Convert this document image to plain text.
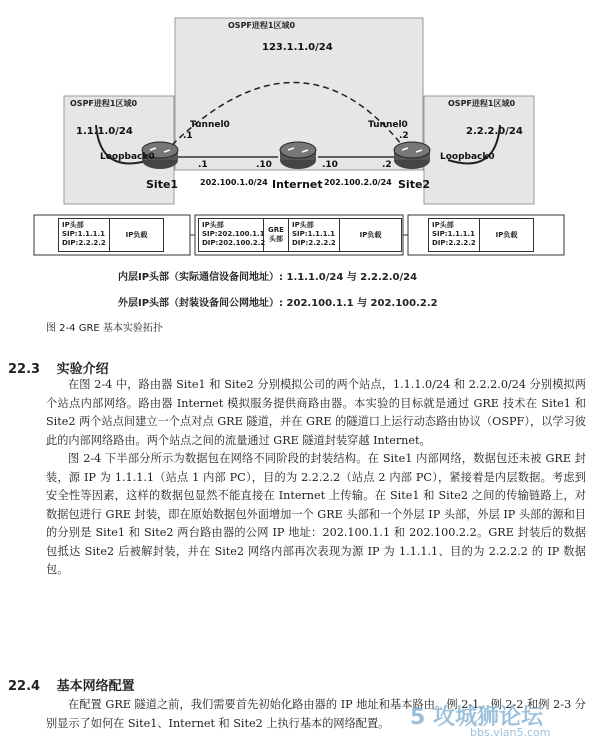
OSPF进程1区域0
OSPF进程1区域0	OSPF进程1区域0
123.1.1.0/24
1.1.1.0/24	2.2.2.0/24
Tunnel0	Tunnel0
.1	.2
Loopback0	Loopback0
Site1	Internet	Site2
.1	.10	.10	.2
202.100.1.0/24	202.100.2.0/24
IP头部
SIP:1.1.1.1
DIP:2.2.2.2
IP负载
IP头部
SIP:202.100.1.1
DIP:202.100.2.2
GRE
头部
IP头部
SIP:1.1.1.1
DIP:2.2.2.2
IP负载
IP头部
SIP:1.1.1.1
DIP:2.2.2.2
IP负载
内层IP头部（实际通信设备间地址）: 1.1.1.0/24 与 2.2.2.0/24
外层IP头部（封装设备间公网地址）: 202.100.1.1 与 202.100.2.2
图 2-4 GRE 基本实验拓扑
22.3 实验介绍

在图 2-4 中，路由器 Site1 和 Site2 分别模拟公司的两个站点，1.1.1.0/24 和 2.2.2.0/24 分别模拟两个站点内部网络。路由器 Internet 模拟服务提供商路由器。本实验的目标就是通过 GRE 技术在 Site1 和 Site2 两个站点间建立一个点对点 GRE 隧道，并在 GRE 的隧道口上运行动态路由协议（OSPF），以学习彼此的内部网络路由。两个站点之间的流量通过 GRE 隧道封装穿越 Internet。

图 2-4 下半部分所示为数据包在网络不同阶段的封装结构。在 Site1 内部网络，数据包还未被 GRE 封装，源 IP 为 1.1.1.1（站点 1 内部 PC），目的为 2.2.2.2（站点 2 内部 PC），紧接着是内层数据。考虑到安全性等因素，这样的数据包显然不能直接在 Internet 上传输。在 Site1 和 Site2 之间的传输链路上，对数据包进行 GRE 封装，即在原始数据包外面增加一个 GRE 头部和一个外层 IP 头部，外层 IP 头部的源和目的分别是 Site1 和 Site2 两台路由器的公网 IP 地址：202.100.1.1 和 202.100.2.2。GRE 封装后的数据包抵达 Site2 后被解封装，并在 Site2 网络内部再次表现为源 IP 为 1.1.1.1、目的为 2.2.2.2 的 IP 数据包。

22.4 基本网络配置

在配置 GRE 隧道之前，我们需要首先初始化路由器的 IP 地址和基本路由。例 2-1、例 2-2 和例 2-3 分别显示了如何在 Site1、Internet 和 Site2 上执行基本的网络配置。 5 攻城狮论坛
bbs.vlan5.com
